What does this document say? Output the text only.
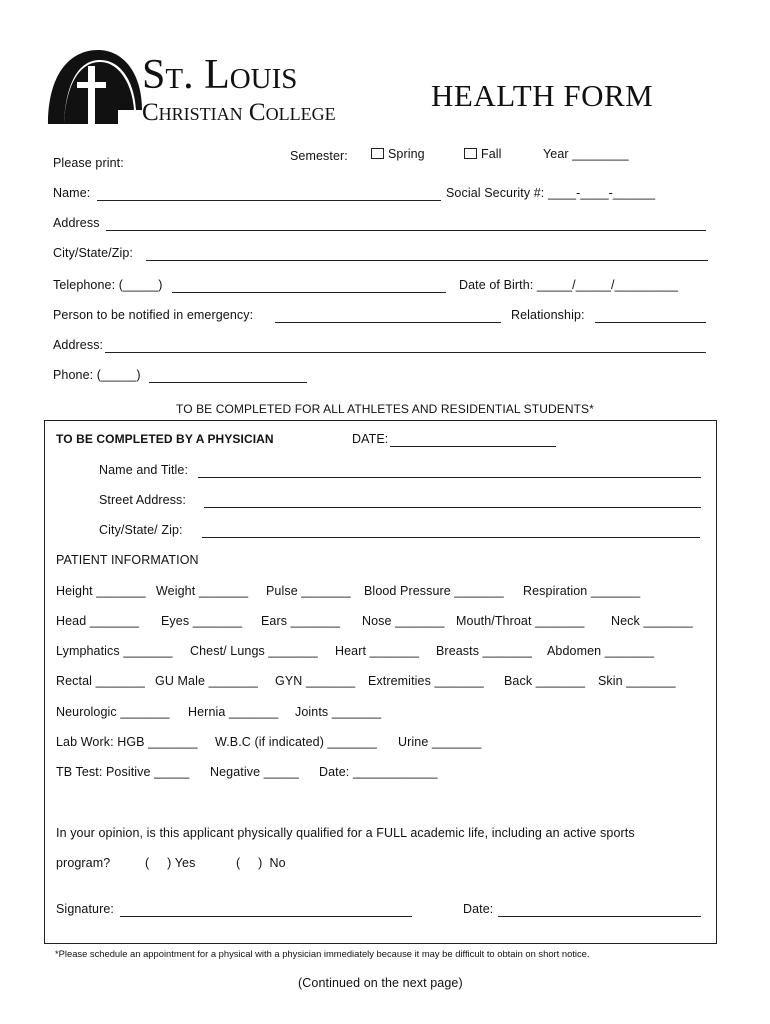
St. Louis
Christian College	HEALTH FORM
Please print:	Semester:	Spring	Fall	Year ________
Name:	Social Security #: ____-____-______
Address
City/State/Zip:
Telephone: (_____)	Date of Birth: _____/_____/_________
Person to be notified in emergency:	Relationship:
Address:
Phone: (_____)
TO BE COMPLETED FOR ALL ATHLETES AND RESIDENTIAL STUDENTS*
TO BE COMPLETED BY A PHYSICIAN	DATE:
Name and Title:
Street Address:
City/State/ Zip:
PATIENT INFORMATION
Height _______ Weight _______ Pulse _______ Blood Pressure _______ Respiration _______
Head _______ Eyes _______ Ears _______ Nose _______ Mouth/Throat _______ Neck _______
Lymphatics _______ Chest/ Lungs _______ Heart _______ Breasts _______ Abdomen _______
Rectal _______ GU Male _______ GYN _______ Extremities _______ Back _______ Skin _______
Neurologic _______ Hernia _______ Joints _______
Lab Work: HGB _______ W.B.C (if indicated) _______ Urine _______
TB Test: Positive _____ Negative _____ Date: ____________
In your opinion, is this applicant physically qualified for a FULL academic life, including an active sports
program?	(     ) Yes	(     )  No
Signature:	Date:
*Please schedule an appointment for a physical with a physician immediately because it may be difficult to obtain on short notice.
(Continued on the next page)
